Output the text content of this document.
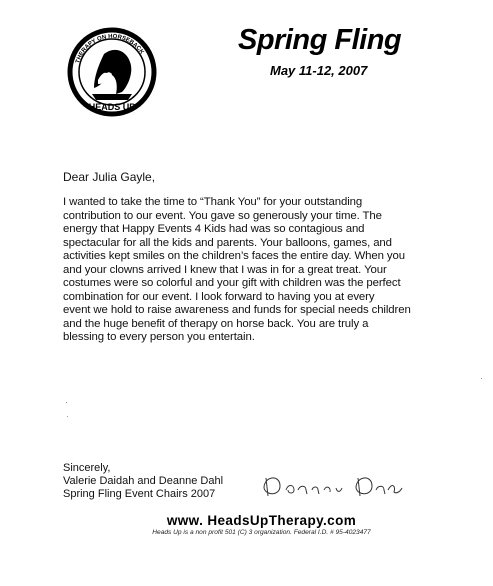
THERAPY ON HORSEBACK
HEADS UP
Spring Fling
May 11-12, 2007
Dear Julia Gayle,
I wanted to take the time to “Thank You” for your outstanding
contribution to our event. You gave so generously your time. The
energy that Happy Events 4 Kids had was so contagious and
spectacular for all the kids and parents. Your balloons, games, and
activities kept smiles on the children’s faces the entire day. When you
and your clowns arrived I knew that I was in for a great treat. Your
costumes were so colorful and your gift with children was the perfect
combination for our event. I look forward to having you at every
event we hold to raise awareness and funds for special needs children
and the huge benefit of therapy on horse back. You are truly a
blessing to every person you entertain.
Sincerely,
Valerie Daidah and Deanne Dahl
Spring Fling Event Chairs 2007
www. HeadsUpTherapy.com
Heads Up is a non profit 501 (C) 3 organization. Federal I.D. # 95-4023477
